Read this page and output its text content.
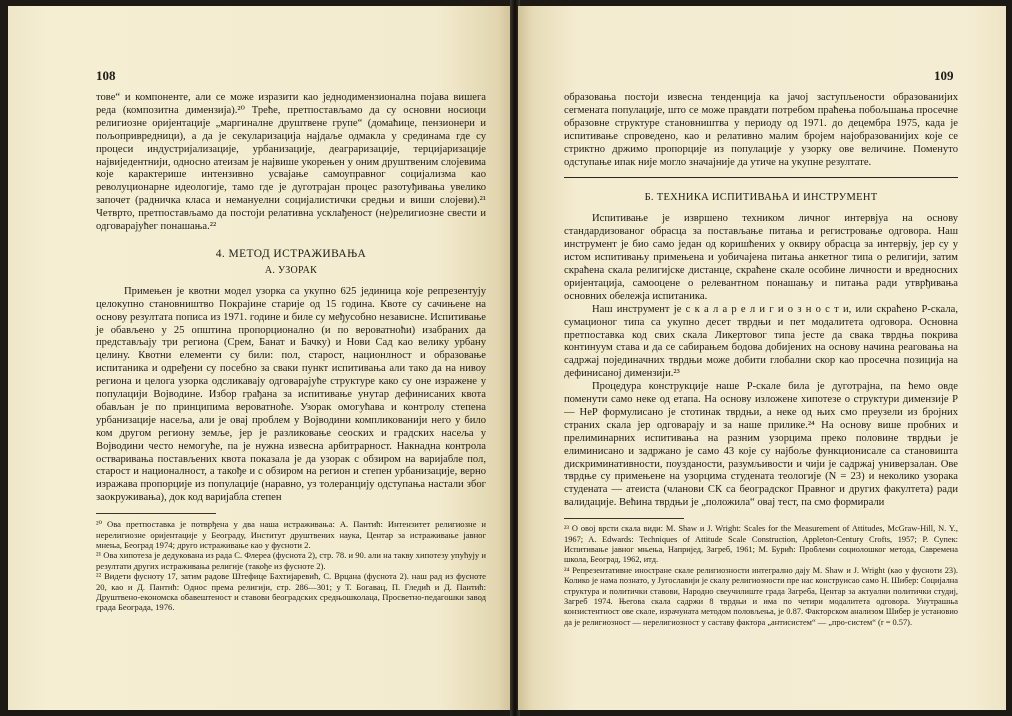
108

тове“ и компоненте, али се може изразити као једнодимензионална појава вишега реда (композитна димензија).²⁰ Треће, претпостављамо да су основни носиоци религиозне оријентације „маргиналне друштвене групе“ (домаћице, пензионери и пољопривредници), а да је секуларизација најдаље одмакла у срединама где су процеси индустријализације, урбанизације, деаграризације, терцијаризације највиједентнији, односно атеизам је највише укорењен у оним друштвеним слојевима које карактерише интензивно усвајање самоуправног социјализма као револуционарне идеологије, тамо где је дуготрајан процес разотуђивања увелико започет (радничка класа и немануелни социјалистички средњи и виши слојеви).²¹ Четврто, претпостављамо да постоји релативна усклађеност (не)религиозне свести и одговарајућег понашања.²²

4. МЕТОД ИСТРАЖИВАЊА
А. УЗОРАК

Примењен је квотни модел узорка са укупно 625 јединица које репрезентују целокупно становништво Покрајине старије од 15 година. Квоте су сачињене на основу резултата пописа из 1971. године и биле су међусобно независне. Испитивање је обављено у 25 општина пропорционално (и по вероватноћи) изабраних да представљају три региона (Срем, Банат и Бачку) и Нови Сад као велику урбану целину. Квотни елементи су били: пол, старост, национлност и образовање испитаника и одређени су посебно за сваки пункт испитивања али тако да на нивоу региона и целога узорка одсликавају одговарајуће структуре како су оне изражене у популацији Војводине. Избор грађана за испитивање унутар дефинисаних квота обављан је по принципима вероватноће. Узорак омогућава и контролу степена урбанизације насеља, али је овај проблем у Војводини компликованији него у било ком другом региону земље, јер је разликовање сеоских и градских насеља у Војводини често немогуће, па је нужна извесна арбитрарност. Накнадна контрола остваривања постављених квота показала је да узорак с обзиром на варијабле пол, старост и националност, а такође и с обзиром на регион и степен урбанизације, верно изражава пропорције из популације (наравно, уз толеранцију одступања настали због заокруживања), док код варијабла степен

²⁰ Ова претпоставка је потврђена у два наша истраживања: А. Пантић: Интензитет религиозне и нерелигиозне оријентације у Београду, Институт друштвених наука, Центар за истраживање јавног мнења, Београд 1974; друго истраживање као у фуснoти 2.

²¹ Ова хипотеза је дедукована из рада С. Флереа (фуснота 2), стр. 78. и 90. али на такву хипотезу упућују и резултати других истраживања религије (такође из фуснoте 2).

²² Видети фуснoту 17, затим радове Штефице Бахтијаревић, С. Врцана (фуснота 2). наш рад из фуснoте 20, као и Д. Пантић: Однос према религији, стр. 286—301; у Т. Богавац, П. Гледић и Д. Пантић: Друштвено-економска обавештеност и ставови београдских средњошколаца, Просветно-педагошки завод града Београда, 1976.

109

образовања постоји извесна тенденција ка јачој заступљености образованијих сегмената популације, што се може правдати потребом праћења побољшања просечне образовне структуре становништва у периоду од 1971. до децембра 1975, када је испитивање спроведено, као и релативно малим бројем најобразованијих које се стриктно држимо пропорције из популације у узорку ове величине. Поменуто одступање ипак није могло значајније да утиче на укупне резултате.

Б. ТЕХНИКА ИСПИТИВАЊА И ИНСТРУМЕНТ

Испитивање је извршено техником личног интервјуа на основу стандардизованог обрасца за постављање питања и регистровање одговора. Наш инструмент је био само један од коришћених у оквиру обрасца за интервју, јер су у истом испитивању примењена и уобичајена питања анкетног типа о религији, затим скраћена скала религијске дистанце, скраћене скале особине личности и вредносних оријентација, самооцене о релевантном понашању и питања ради утврђивања основних обележја испитаника.

Наш инструмент је с к а л а р е л и г и о з н о с т и, или скраћено Р-скала, сумационог типа са укупно десет тврдњи и пет модалитета одговора. Основна претпоставка код свих скала Ликертовог типа јесте да свака тврдња покрива континуум става и да се сабирањем бодова добијених на основу начина реаговања на садржај појединачних тврдњи може добити глобални скор као просечна позиција на дефинисаној димензији.²³

Процедура конструкције наше Р-скале била је дуготрајна, па ћемо овде поменути само неке од етапа. На основу изложене хипотезе о структури димензије Р — НеР формулисано је стотинак тврдњи, а неке од њих смо преузели из бројних страних скала јер одговарају и за наше прилике.²⁴ На основу више пробних и прелиминарних испитивања на разним узорцима преко половине тврдњи је елиминисано и задржано је само 43 које су најбоље функционисале са становишта дискриминативности, поузданости, разумљивости и чији је садржај универзалан. Ове тврдње су примењене на узорцима студената теологије (N = 23) и неколико узорака студената — атеиста (чланови СК са београдског Правног и других факултета) ради валидације. Већина тврдњи је „положила“ овај тест, па смо формирали

²³ О овој врсти скала види: M. Shaw и J. Wright: Scales for the Measurement of Attitudes, McGraw-Hill, N. Y., 1967; A. Edwards: Techniques of Attitude Scale Construction, Appleton-Century Crofts, 1957; Р. Супек: Испитивање јавног мњења, Напријед, Загреб, 1961; М. Бурић: Проблеми социолошког метода, Савремена школа, Београд, 1962, итд.

²⁴ Репрезентативне иностране скале религиозности интегрално дају M. Shaw и J. Wright (као у фуснoти 23). Колико је нама познато, у Југославији је скалу религиозности пре нас конструисао само Н. Шибер: Социјална структура и политички ставови, Народно свеучилиште града Загреба, Центар за актуални политички студиј, Загреб 1974. Његова скала садржи 8 тврдњи и има по четири модалитета одговора. Унутрашња конзистентност ове скале, израчуната методом половљења, је 0.87. Факторском анализом Шибер је установио да је религиозност — нерелигиозност у саставу фактора „антисистем“ — „про-систем“ (r = 0.57).
